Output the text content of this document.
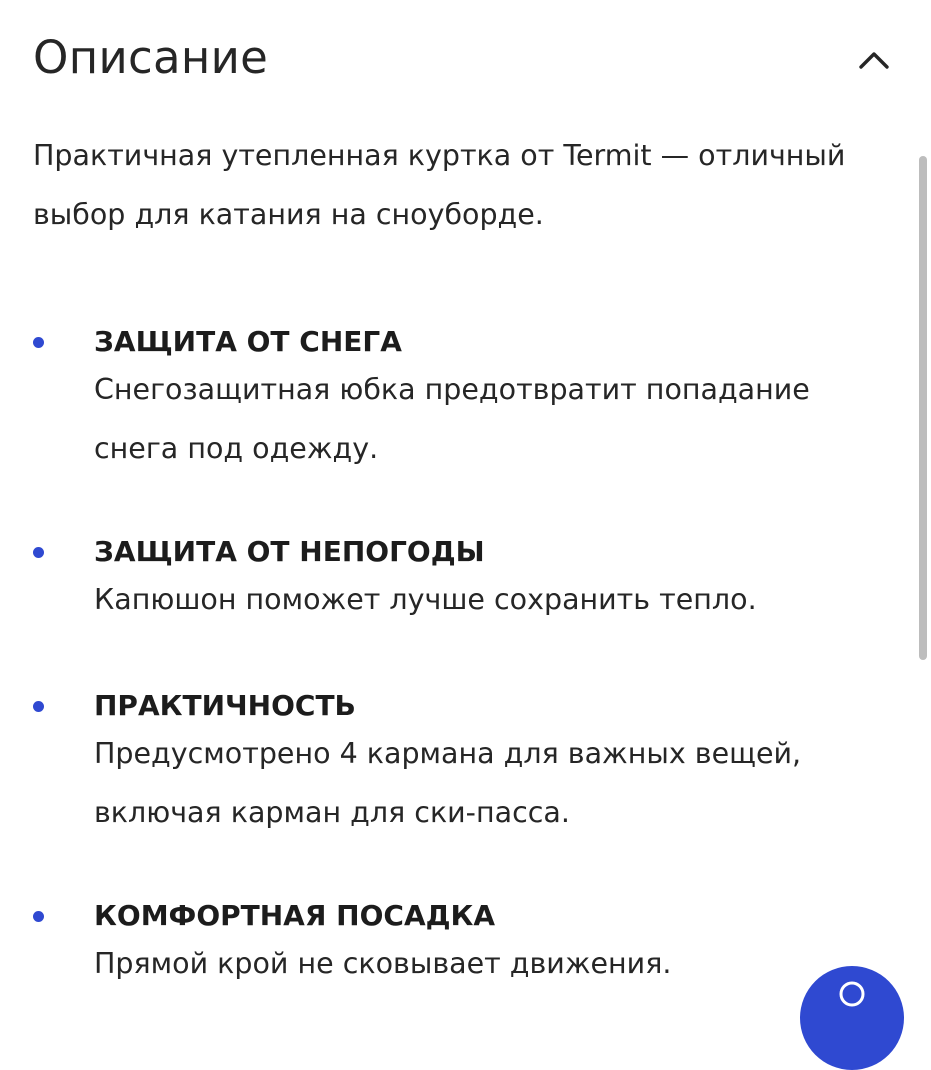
Описание
Практичная утепленная куртка от Termit — отличный выбор для катания на сноуборде.
ЗАЩИТА ОТ СНЕГА
Снегозащитная юбка предотвратит попадание снега под одежду.
ЗАЩИТА ОТ НЕПОГОДЫ
Капюшон поможет лучше сохранить тепло.
ПРАКТИЧНОСТЬ
Предусмотрено 4 кармана для важных вещей, включая карман для ски-пасса.
КОМФОРТНАЯ ПОСАДКА
Прямой крой не сковывает движения.
